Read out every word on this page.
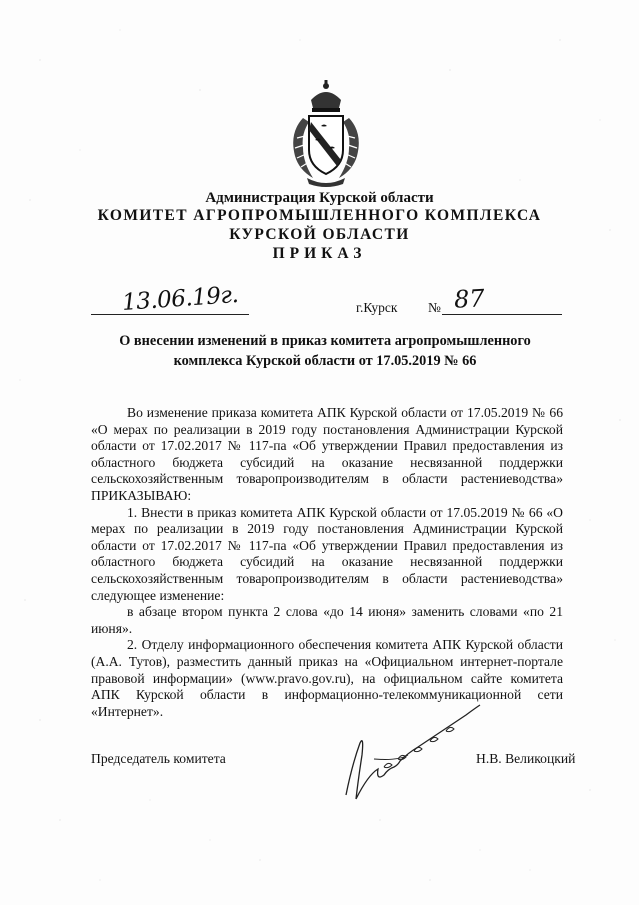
Администрация Курской области
КОМИТЕТ АГРОПРОМЫШЛЕННОГО КОМПЛЕКСА
КУРСКОЙ ОБЛАСТИ
ПРИКАЗ
13.06.19г.	г.Курск № 87
О внесении изменений в приказ комитета агропромышленного комплекса Курской области от 17.05.2019 № 66

Во изменение приказа комитета АПК Курской области от 17.05.2019 № 66 «О мерах по реализации в 2019 году постановления Администрации Курской области от 17.02.2017 № 117-па «Об утверждении Правил предоставления из областного бюджета субсидий на оказание несвязанной поддержки сельскохозяйственным товаропроизводителям в области растениеводства» ПРИКАЗЫВАЮ:

1. Внести в приказ комитета АПК Курской области от 17.05.2019 № 66 «О мерах по реализации в 2019 году постановления Администрации Курской области от 17.02.2017 № 117-па «Об утверждении Правил предоставления из областного бюджета субсидий на оказание несвязанной поддержки сельскохозяйственным товаропроизводителям в области растениеводства» следующее изменение:

в абзаце втором пункта 2 слова «до 14 июня» заменить словами «по 21 июня».

2. Отделу информационного обеспечения комитета АПК Курской области (А.А. Тутов), разместить данный приказ на «Официальном интернет-портале правовой информации» (www.pravo.gov.ru), на официальном сайте комитета АПК Курской области в информационно-телекоммуникационной сети «Интернет».

Председатель комитета	Н.В. Великоцкий
